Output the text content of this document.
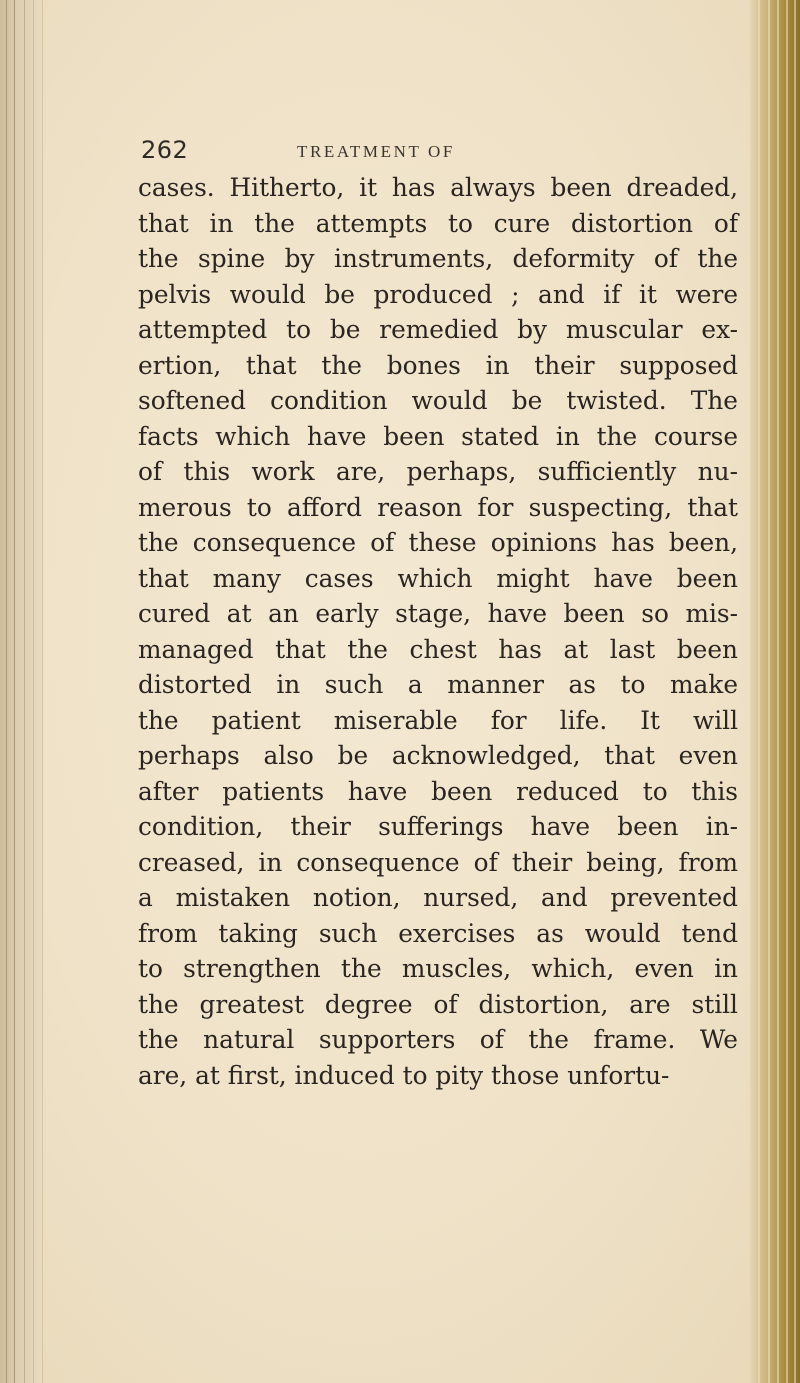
262	TREATMENT OF
cases. Hitherto, it has always been dreaded,
that in the attempts to cure distortion of
the spine by instruments, deformity of the
pelvis would be produced ; and if it were
attempted to be remedied by muscular ex-
ertion, that the bones in their supposed
softened condition would be twisted. The
facts which have been stated in the course
of this work are, perhaps, sufficiently nu-
merous to afford reason for suspecting, that
the consequence of these opinions has been,
that many cases which might have been
cured at an early stage, have been so mis-
managed that the chest has at last been
distorted in such a manner as to make
the patient miserable for life. It will
perhaps also be acknowledged, that even
after patients have been reduced to this
condition, their sufferings have been in-
creased, in consequence of their being, from
a mistaken notion, nursed, and prevented
from taking such exercises as would tend
to strengthen the muscles, which, even in
the greatest degree of distortion, are still
the natural supporters of the frame. We
are, at first, induced to pity those unfortu-
